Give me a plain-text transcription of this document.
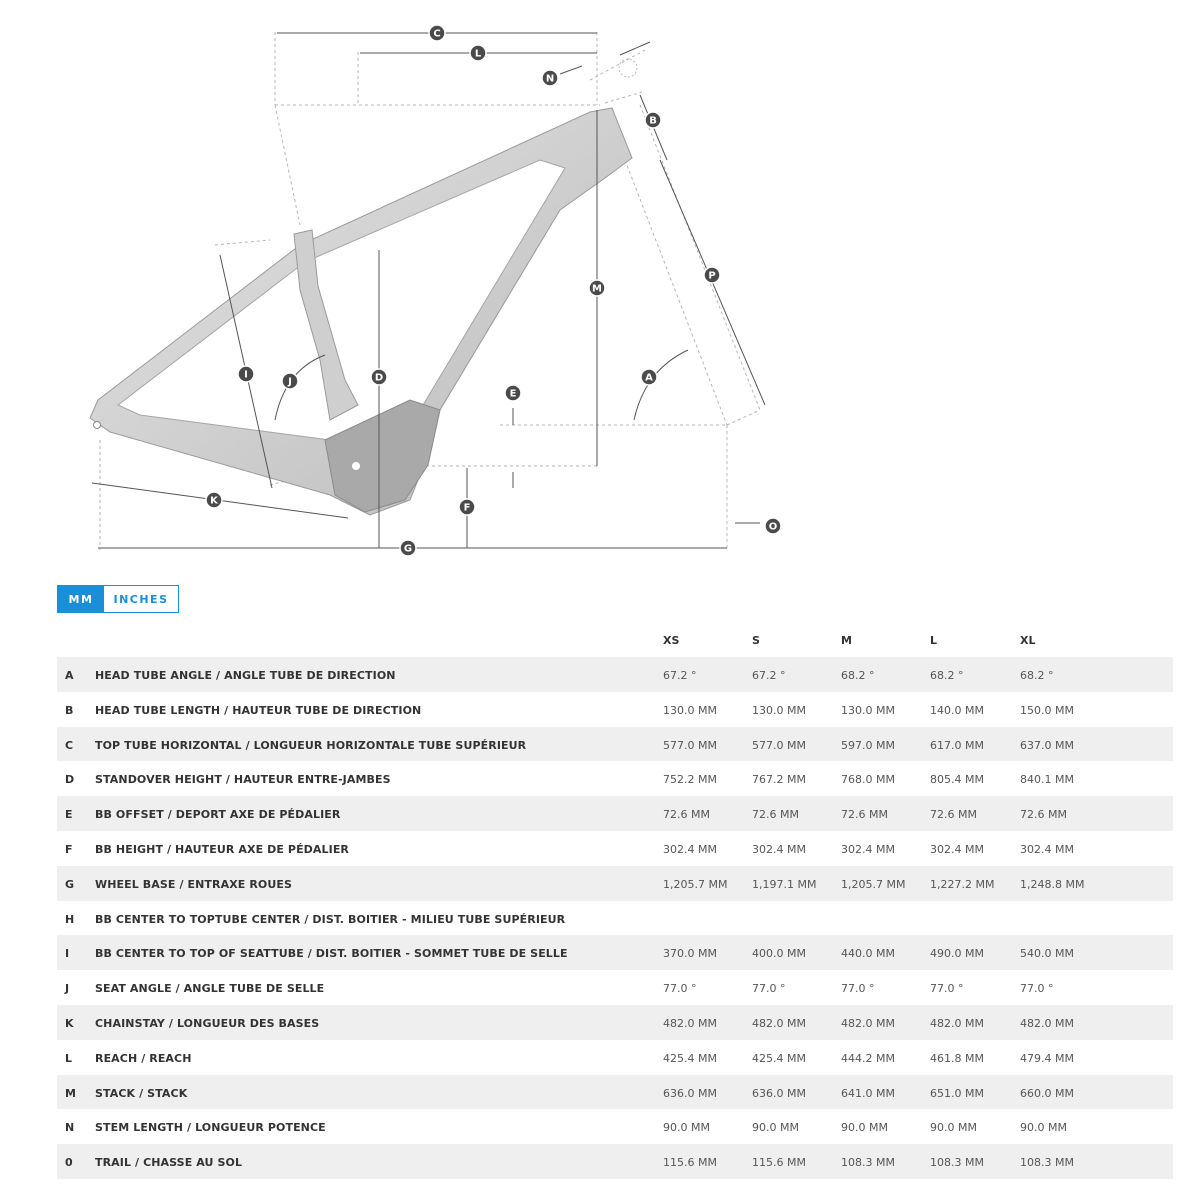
A
B
C
D
E
F
G
I
J
K
L
M
N
O
P
MM	INCHES
XS	S	M	L	XL
A HEAD TUBE ANGLE / ANGLE TUBE DE DIRECTION	67.2 °	67.2 °	68.2 °	68.2 °	68.2 °
B HEAD TUBE LENGTH / HAUTEUR TUBE DE DIRECTION	130.0 MM	130.0 MM	130.0 MM	140.0 MM	150.0 MM
C TOP TUBE HORIZONTAL / LONGUEUR HORIZONTALE TUBE SUPÉRIEUR	577.0 MM	577.0 MM	597.0 MM	617.0 MM	637.0 MM
D STANDOVER HEIGHT / HAUTEUR ENTRE-JAMBES	752.2 MM	767.2 MM	768.0 MM	805.4 MM	840.1 MM
E BB OFFSET / DEPORT AXE DE PÉDALIER	72.6 MM	72.6 MM	72.6 MM	72.6 MM	72.6 MM
F BB HEIGHT / HAUTEUR AXE DE PÉDALIER	302.4 MM	302.4 MM	302.4 MM	302.4 MM	302.4 MM
G WHEEL BASE / ENTRAXE ROUES	1,205.7 MM 1,197.1 MM 1,205.7 MM 1,227.2 MM 1,248.8 MM
H BB CENTER TO TOPTUBE CENTER / DIST. BOITIER - MILIEU TUBE SUPÉRIEUR
I BB CENTER TO TOP OF SEATTUBE / DIST. BOITIER - SOMMET TUBE DE SELLE	370.0 MM	400.0 MM	440.0 MM	490.0 MM	540.0 MM
J SEAT ANGLE / ANGLE TUBE DE SELLE	77.0 °	77.0 °	77.0 °	77.0 °	77.0 °
K CHAINSTAY / LONGUEUR DES BASES	482.0 MM	482.0 MM	482.0 MM	482.0 MM	482.0 MM
L REACH / REACH	425.4 MM	425.4 MM	444.2 MM	461.8 MM	479.4 MM
M STACK / STACK	636.0 MM	636.0 MM	641.0 MM	651.0 MM	660.0 MM
N STEM LENGTH / LONGUEUR POTENCE	90.0 MM	90.0 MM	90.0 MM	90.0 MM	90.0 MM
0 TRAIL / CHASSE AU SOL	115.6 MM	115.6 MM	108.3 MM	108.3 MM	108.3 MM
